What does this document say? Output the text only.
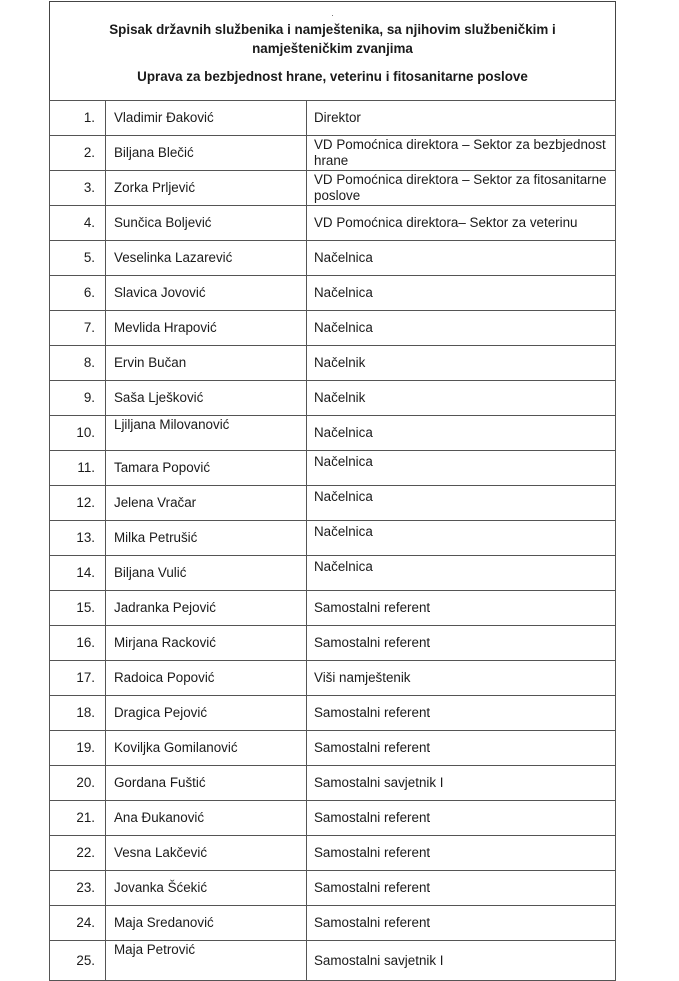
.
Spisak državnih službenika i namještenika, sa njihovim službeničkim i namješteničkim zvanjima
Uprava za bezbjednost hrane, veterinu i fitosanitarne poslove
1.	Vladimir Đaković	Direktor
2.	Biljana Blečić	VD Pomoćnica direktora – Sektor za bezbjednost hrane
3.	Zorka Prljević	VD Pomoćnica direktora – Sektor za fitosanitarne poslove
4.	Sunčica Boljević	VD Pomoćnica direktora– Sektor za veterinu
5.	Veselinka Lazarević	Načelnica
6.	Slavica Jovović	Načelnica
7.	Mevlida Hrapović	Načelnica
8.	Ervin Bučan	Načelnik
9.	Saša Lješković	Načelnik
10.	Ljiljana Milovanović	Načelnica
11.	Tamara Popović	Načelnica
12.	Jelena Vračar	Načelnica
13.	Milka Petrušić	Načelnica
14.	Biljana Vulić	Načelnica
15.	Jadranka Pejović	Samostalni referent
16.	Mirjana Racković	Samostalni referent
17.	Radoica Popović	Viši namještenik
18.	Dragica Pejović	Samostalni referent
19.	Koviljka Gomilanović	Samostalni referent
20.	Gordana Fuštić	Samostalni savjetnik I
21.	Ana Đukanović	Samostalni referent
22.	Vesna Lakčević	Samostalni referent
23.	Jovanka Šćekić	Samostalni referent
24.	Maja Sredanović	Samostalni referent
25.	Maja Petrović	Samostalni savjetnik I
